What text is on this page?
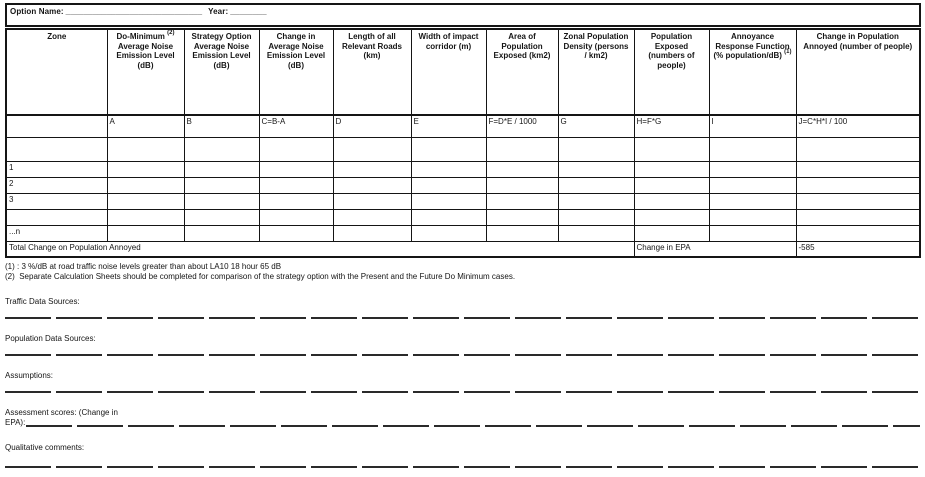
Option Name: ______________________________ Year: ________
Zone	Do-Minimum $^{(2)}$ Average Noise Emission Level (dB)	Strategy Option Average Noise Emission Level (dB)	Change in Average Noise Emission Level (dB)	Length of all Relevant Roads (km)	Width of impact corridor (m)	Area of Population Exposed (km2)	Zonal Population Density (persons / km2)	Population Exposed (numbers of people)	Annoyance Response Function (% population/dB) $^{(1)}$	Change in Population Annoyed (number of people)
	A	B	C=B-A	D	E	F=D*E / 1000	G	H=F*G	I	J=C*H*I / 100

1										
2										
3										

...n										
Total Change on Population Annoyed								Change in EPA		-585
(1) : 3 %/dB at road traffic noise levels greater than about LA10 18 hour 65 dB
(2)  Separate Calculation Sheets should be completed for comparison of the strategy option with the Present and the Future Do Minimum cases.
Traffic Data Sources:
Population Data Sources:
Assumptions:
Assessment scores: (Change in
EPA):
Qualitative comments:
